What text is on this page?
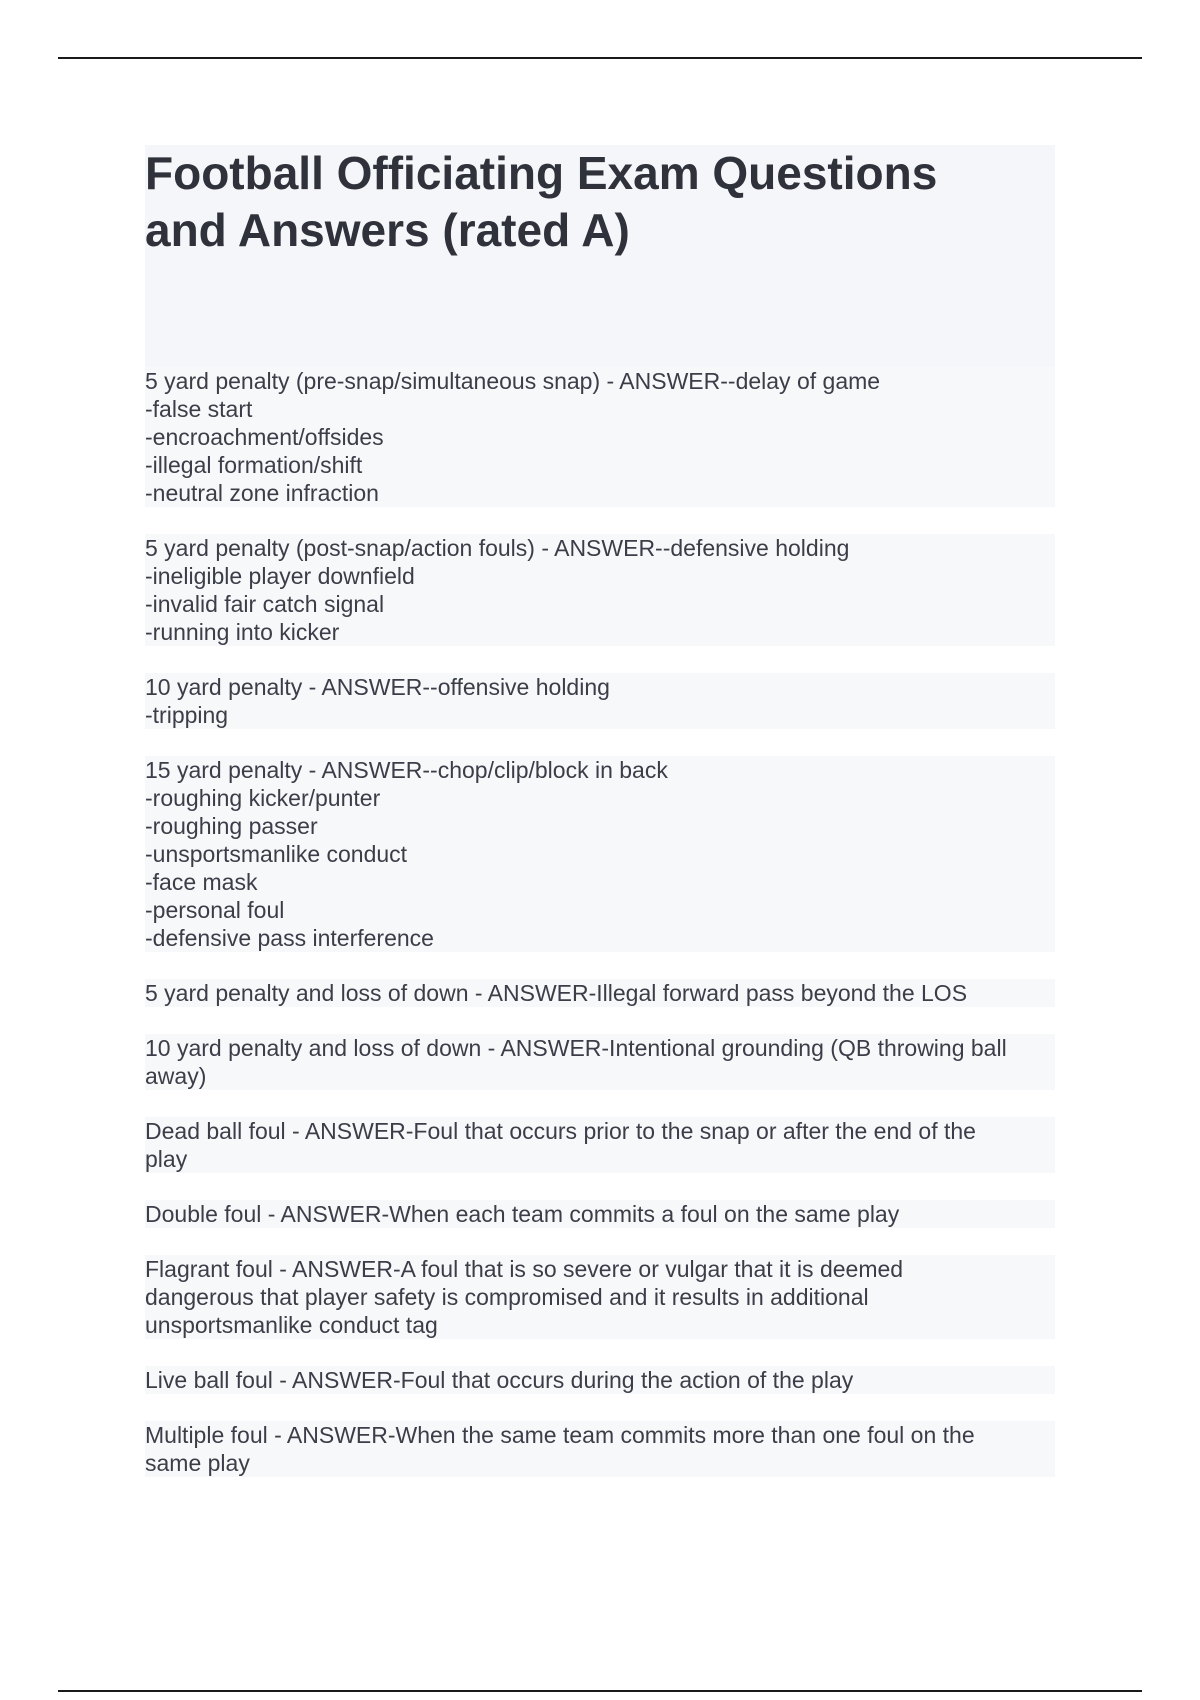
Football Officiating Exam Questions
and Answers (rated A)
5 yard penalty (pre-snap/simultaneous snap) - ANSWER--delay of game
-false start
-encroachment/offsides
-illegal formation/shift
-neutral zone infraction
5 yard penalty (post-snap/action fouls) - ANSWER--defensive holding
-ineligible player downfield
-invalid fair catch signal
-running into kicker
10 yard penalty - ANSWER--offensive holding
-tripping
15 yard penalty - ANSWER--chop/clip/block in back
-roughing kicker/punter
-roughing passer
-unsportsmanlike conduct
-face mask
-personal foul
-defensive pass interference
5 yard penalty and loss of down - ANSWER-Illegal forward pass beyond the LOS
10 yard penalty and loss of down - ANSWER-Intentional grounding (QB throwing ball
away)
Dead ball foul - ANSWER-Foul that occurs prior to the snap or after the end of the
play
Double foul - ANSWER-When each team commits a foul on the same play
Flagrant foul - ANSWER-A foul that is so severe or vulgar that it is deemed
dangerous that player safety is compromised and it results in additional
unsportsmanlike conduct tag
Live ball foul - ANSWER-Foul that occurs during the action of the play
Multiple foul - ANSWER-When the same team commits more than one foul on the
same play
